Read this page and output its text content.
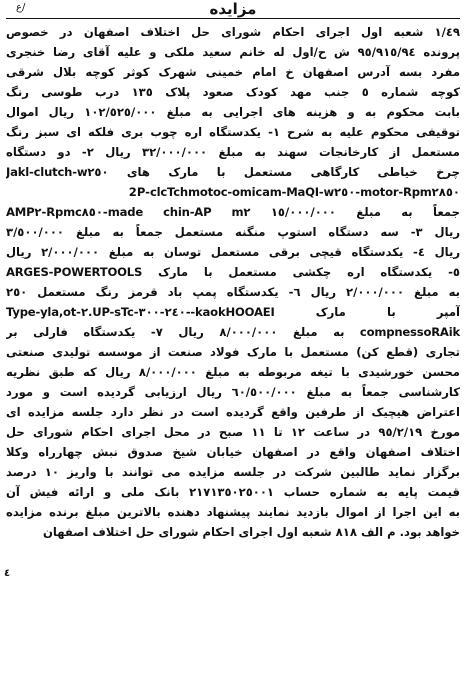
ع/	مزایده
١/٤٩ شعبه اول اجرای احکام شورای حل اختلاف اصفهان در خصوص
پرونده ٩٥/٩١٥/٩٤ ش ح/اول له خانم سعید ملکی و علیه آقای رضا خنجری
مفرد بسه آدرس اصفهان خ امام خمینی شهرک کوثر کوچه بلال شرقی
کوچه شماره ٥ جنب مهد کودک صعود پلاک ١٣٥ درب طوسی رنگ
بابت محکوم به و هزینه های اجرایی به مبلغ ١٠٢/٥٢٥/٠٠٠ ریال اموال
توقیفی محکوم علیه به شرح ١- یکدستگاه اره چوب بری فلکه ای سبز رنگ
مستعمل از کارخانجات سهند به مبلغ ٣٢/٠٠٠/٠٠٠ ریال ٢- دو دستگاه
چرخ خیاطی کارگاهی مستعمل با مارک های Jakl-clutch-w٢٥٠
motor-Rpm٢٨٥٠-clcTchmotoc-omicam-MaQI-w٢٥٠-2P
جمعاً به مبلغ ١٥/٠٠٠/٠٠٠ made chin-AP m٢-Rpmc٨٥٠-AMP٢
ریال ٣- سه دستگاه استوپ منگنه مستعمل جمعاً به مبلغ ٣/٥٠٠/٠٠٠
ریال ٤- یکدستگاه قیچی برقی مستعمل توسان به مبلغ ٢/٠٠٠/٠٠٠ ریال
٥- یکدستگاه اره چکشی مستعمل با مارک ARGES-POWERTOOLS
به مبلغ ٢/٠٠٠/٠٠٠ ریال ٦- یکدستگاه پمپ باد قرمز رنگ مستعمل ٢٥٠
آمپر با مارک kaokHOOAEI--٢٤٠-٣٠٠-UP-sTc.٢-Type-yla,ot
compnessoRAik به مبلغ ٨/٠٠٠/٠٠٠ ریال ٧- یکدستگاه فارلی بر
تجاری (قطع کن) مستعمل با مارک فولاد صنعت از موسسه تولیدی صنعتی
محسن خورشیدی با تیغه مربوطه به مبلغ ٨/٠٠٠/٠٠٠ ریال که طبق نظریه
کارشناسی جمعاً به مبلغ ٦٠/٥٠٠/٠٠٠ ریال ارزیابی گردیده است و مورد
اعتراض هیچیک از طرفین واقع گردیده است در نظر دارد جلسه مزایده ای
مورخ ٩٥/٢/١٩ در ساعت ١٢ تا ١١ صبح در محل اجرای احکام شورای حل
اختلاف اصفهان واقع در اصفهان خیابان شیخ صدوق نبش چهارراه وکلا
برگزار نماید طالبین شرکت در جلسه مزایده می توانند با واریز ١٠ درصد
قیمت پایه به شماره حساب ٢١٧١٣٥٠٢٥٠٠١ بانک ملی و ارائه فیش آن
به این اجرا از اموال بازدید نمایند پیشنهاد دهنده بالاترین مبلغ برنده مزایده
خواهد بود. م الف ٨١٨ شعبه اول اجرای احکام شورای حل اختلاف اصفهان
٤
